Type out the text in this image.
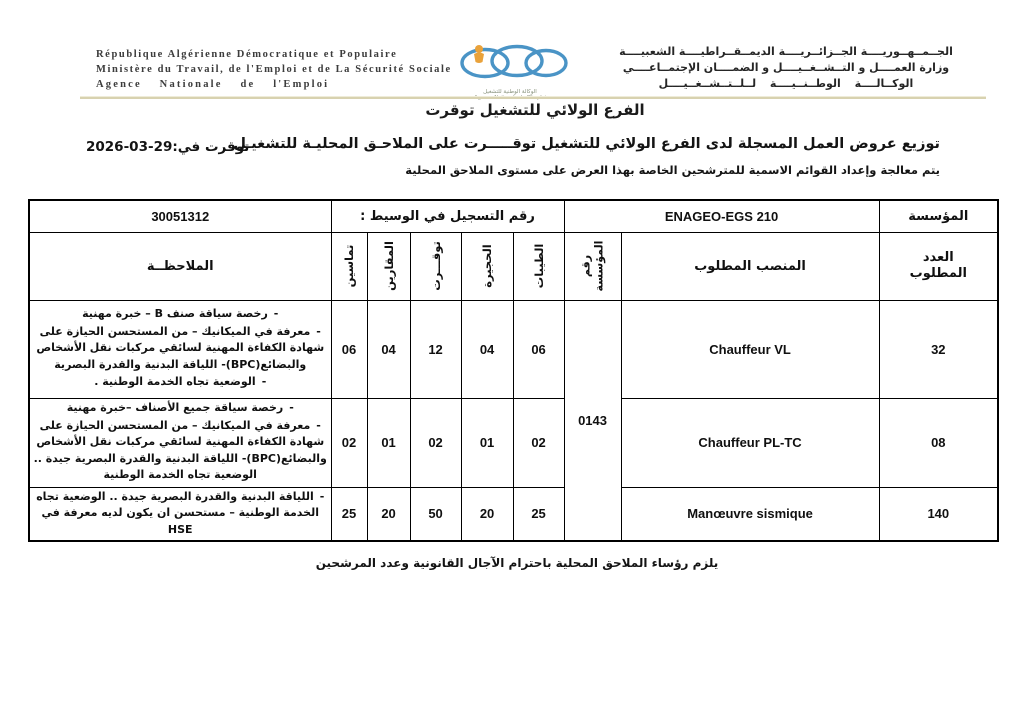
République Algérienne Démocratique et Populaire
Ministère du Travail, de l'Emploi et de La Sécurité Sociale
Agence Nationale de l'Emploi
الوكالة الوطنية للتشغيل
الجــمــهــوريــــة الجــزائــريــــة الديمــقــراطيــــة الشعبيــــة
وزارة العمــــل و التــشــغــيــــل و الضمــــان الإجتمــاعــــي
الوكــالــــة الوطــنــيــــة لــلــتــشــغــيــــل
الفرع الولائي للتشغيل توقرت
توزيع عروض العمل المسجلة لدى الفرع الولائي للتشغيل توقـــــرت على الملاحـق المحليـة للتشغيـل
توقرت في:2026-03-29
يتم معالجة وإعداد القوائم الاسمية للمترشحين الخاصة بهذا العرض على مستوى الملاحق المحلية
المؤسسة	ENAGEO-EGS 210		رقم التسجيل في الوسيط :					30051312

العدد المطلوب	المنصب المطلوب	رقم المؤسسة	الطيبات	الحجيرة	توقـــرت	المقارين	تماسين	الملاحظــة
32	Chauffeur VL	0143	06	04	12	04	06	-رخصة سياقة صنف B – خبرة مهنية
-معرفة في الميكانيك – من المستحسن الحيازة على شهادة الكفاءة المهنية لسائقي مركبات نقل الأشخاص والبضائع(BPC)- اللياقة البدنية والقدرة البصرية
-الوضعية تجاه الخدمة الوطنية .

08	Chauffeur PL-TC		02	01	02	01	02	-رخصة سياقة جميع الأصناف –خبرة مهنية
-معرفة في الميكانيك – من المستحسن الحيازة على شهادة الكفاءة المهنية لسائقي مركبات نقل الأشخاص والبضائع(BPC)- اللياقة البدنية والقدرة البصرية جيدة .. الوضعية تجاه الخدمة الوطنية

140	Manœuvre sismique		25	20	50	20	25	-اللياقة البدنية والقدرة البصرية جيدة .. الوضعية تجاه الخدمة الوطنية – مستحسن ان يكون لديه معرفة في HSE
يلزم رؤساء الملاحق المحلية باحترام الآجال القانونية وعدد المرشحين
